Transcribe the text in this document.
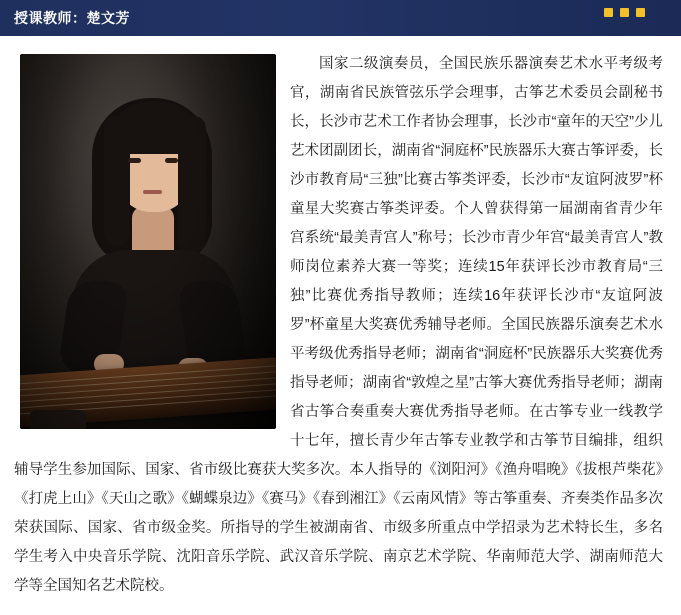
授课教师：楚文芳

国家二级演奏员，全国民族乐器演奏艺术水平考级考官，湖南省民族管弦乐学会理事，古筝艺术委员会副秘书长，长沙市艺术工作者协会理事，长沙市“童年的天空”少儿艺术团副团长，湖南省“洞庭杯”民族器乐大赛古筝评委，长沙市教育局“三独”比赛古筝类评委，长沙市“友谊阿波罗”杯童星大奖赛古筝类评委。个人曾获得第一届湖南省青少年宫系统“最美青宫人”称号；长沙市青少年宫“最美青宫人”教师岗位素养大赛一等奖；连续15年获评长沙市教育局“三独”比赛优秀指导教师；连续16年获评长沙市“友谊阿波罗”杯童星大奖赛优秀辅导老师。全国民族器乐演奏艺术水平考级优秀指导老师；湖南省“洞庭杯”民族器乐大奖赛优秀指导老师；湖南省“敦煌之星”古筝大赛优秀指导老师；湖南省古筝合奏重奏大赛优秀指导老师。在古筝专业一线教学十七年，擅长青少年古筝专业教学和古筝节目编排，组织辅导学生参加国际、国家、省市级比赛获大奖多次。本人指导的《浏阳河》《渔舟唱晚》《拔根芦柴花》《打虎上山》《天山之歌》《蝴蝶泉边》《赛马》《春到湘江》《云南风情》等古筝重奏、齐奏类作品多次荣获国际、国家、省市级金奖。所指导的学生被湖南省、市级多所重点中学招录为艺术特长生，多名学生考入中央音乐学院、沈阳音乐学院、武汉音乐学院、南京艺术学院、华南师范大学、湖南师范大学等全国知名艺术院校。
